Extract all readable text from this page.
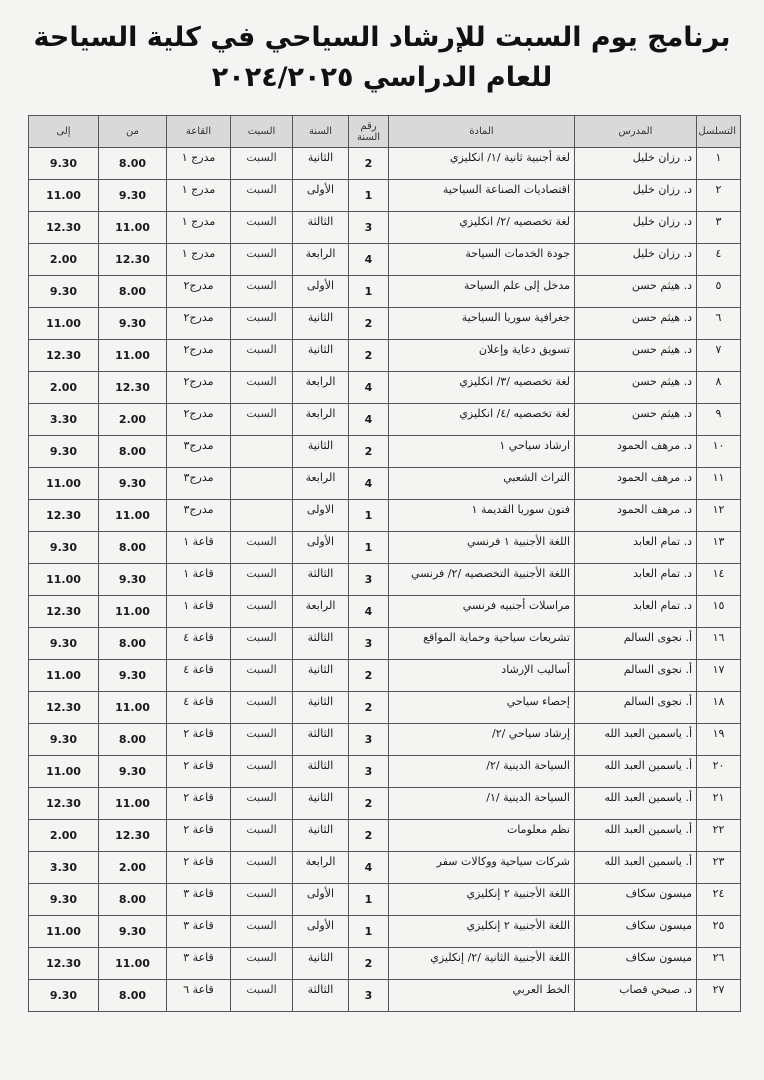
برنامج يوم السبت للإرشاد السياحي في كلية السياحة
للعام الدراسي ٢٠٢٤/٢٠٢٥
التسلسل	المدرس	المادة	رقم السنة	السنة	السبت	القاعة	من	إلى
١	د. رزان خليل	لغة أجنبية ثانية /١/ انكليزي	2	الثانية	السبت	مدرج ١	8.00	9.30
٢	د. رزان خليل	اقتصاديات الصناعة السياحية	1	الأولى	السبت	مدرج ١	9.30	11.00
٣	د. رزان خليل	لغة تخصصيه /٢/ انكليزي	3	الثالثة	السبت	مدرج ١	11.00	12.30
٤	د. رزان خليل	جودة الخدمات السياحة	4	الرابعة	السبت	مدرج ١	12.30	2.00
٥	د. هيثم حسن	مدخل إلى علم السياحة	1	الأولى	السبت	مدرج٢	8.00	9.30
٦	د. هيثم حسن	جغرافية سوريا السياحية	2	الثانية	السبت	مدرج٢	9.30	11.00
٧	د. هيثم حسن	تسويق دعاية وإعلان	2	الثانية	السبت	مدرج٢	11.00	12.30
٨	د. هيثم حسن	لغة تخصصيه /٣/ انكليزي	4	الرابعة	السبت	مدرج٢	12.30	2.00
٩	د. هيثم حسن	لغة تخصصيه /٤/ انكليزي	4	الرابعة	السبت	مدرج٢	2.00	3.30
١٠	د. مرهف الحمود	ارشاد سياحي ١	2	الثانية		مدرج٣	8.00	9.30
١١	د. مرهف الحمود	التراث الشعبي	4	الرابعة		مدرج٣	9.30	11.00
١٢	د. مرهف الحمود	فنون سوريا القديمة ١	1	الاولى		مدرج٣	11.00	12.30
١٣	د. تمام العابد	اللغة الأجنبية ١ فرنسي	1	الأولى	السبت	قاعة ١	8.00	9.30
١٤	د. تمام العابد	اللغة الأجنبية التخصصيه /٢/ فرنسي	3	الثالثة	السبت	قاعة ١	9.30	11.00
١٥	د. تمام العابد	مراسلات أجنبيه فرنسي	4	الرابعة	السبت	قاعة ١	11.00	12.30
١٦	أ. نجوى السالم	تشريعات سياحية وحماية المواقع	3	الثالثة	السبت	قاعة ٤	8.00	9.30
١٧	أ. نجوى السالم	أساليب الإرشاد	2	الثانية	السبت	قاعة ٤	9.30	11.00
١٨	أ. نجوى السالم	إحصاء سياحي	2	الثانية	السبت	قاعة ٤	11.00	12.30
١٩	أ. ياسمين العبد الله	إرشاد سياحي /٢/	3	الثالثة	السبت	قاعة ٢	8.00	9.30
٢٠	أ. ياسمين العبد الله	السياحة الدينية /٢/	3	الثالثة	السبت	قاعة ٢	9.30	11.00
٢١	أ. ياسمين العبد الله	السياحة الدينية /١/	2	الثانية	السبت	قاعة ٢	11.00	12.30
٢٢	أ. ياسمين العبد الله	نظم معلومات	2	الثانية	السبت	قاعة ٢	12.30	2.00
٢٣	أ. ياسمين العبد الله	شركات سياحية ووكالات سفر	4	الرابعة	السبت	قاعة ٢	2.00	3.30
٢٤	ميسون سكاف	اللغة الأجنبية ٢ إنكليزي	1	الأولى	السبت	قاعة ٣	8.00	9.30
٢٥	ميسون سكاف	اللغة الأجنبية ٢ إنكليزي	1	الأولى	السبت	قاعة ٣	9.30	11.00
٢٦	ميسون سكاف	اللغة الأجنبية الثانية /٢/ إنكليزي	2	الثانية	السبت	قاعة ٣	11.00	12.30
٢٧	د. صبحي قصاب	الخط العربي	3	الثالثة	السبت	قاعة ٦	8.00	9.30
